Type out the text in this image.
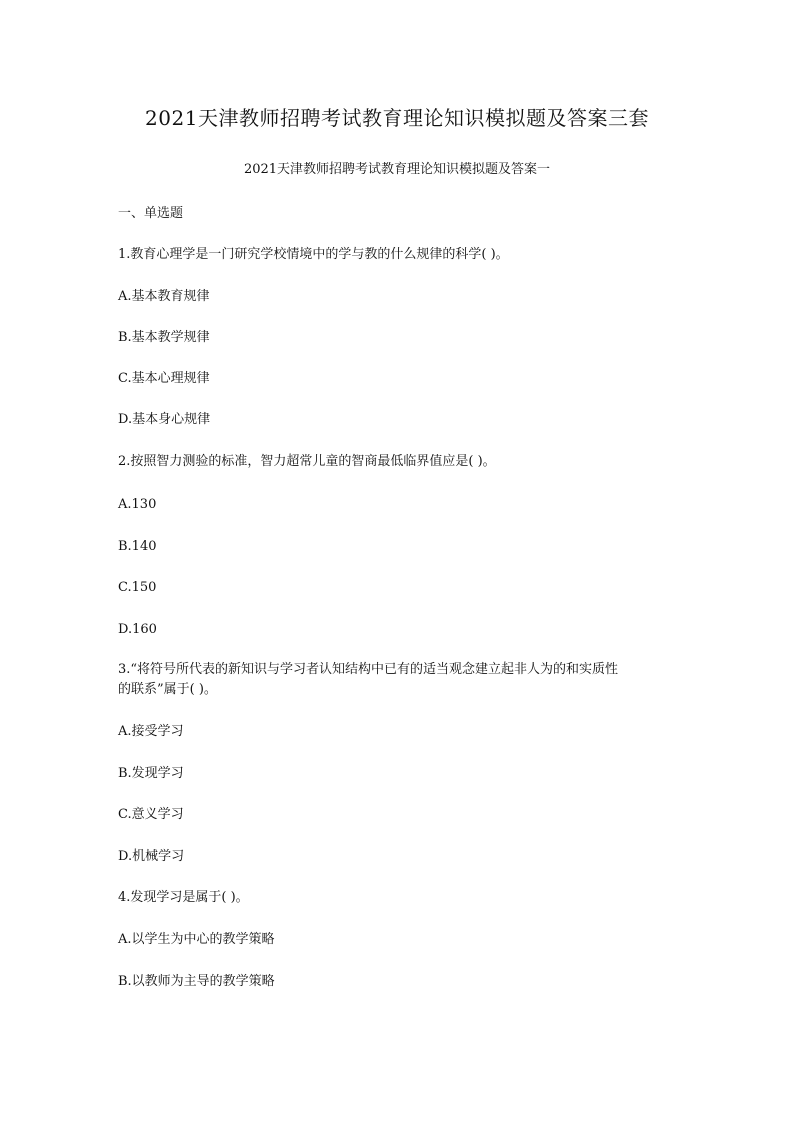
2021天津教师招聘考试教育理论知识模拟题及答案三套
2021天津教师招聘考试教育理论知识模拟题及答案一
一、单选题
1.教育心理学是一门研究学校情境中的学与教的什么规律的科学( )。
A.基本教育规律
B.基本教学规律
C.基本心理规律
D.基本身心规律
2.按照智力测验的标准，智力超常儿童的智商最低临界值应是( )。
A.130
B.140
C.150
D.160
3.“将符号所代表的新知识与学习者认知结构中已有的适当观念建立起非人为的和实质性
的联系”属于( )。
A.接受学习
B.发现学习
C.意义学习
D.机械学习
4.发现学习是属于( )。
A.以学生为中心的教学策略
B.以教师为主导的教学策略
